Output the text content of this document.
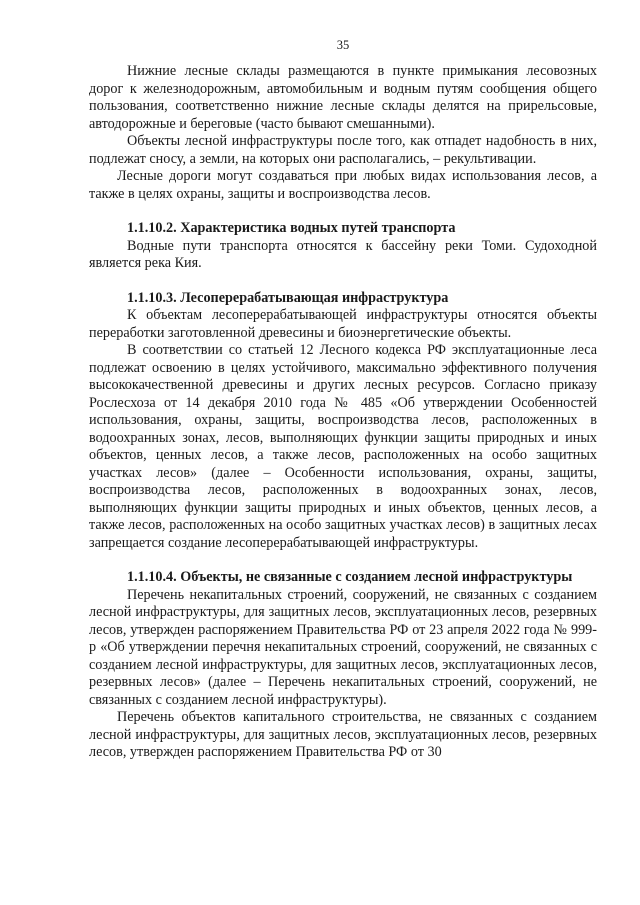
35

Нижние лесные склады размещаются в пункте примыкания лесовозных дорог к железнодорожным, автомобильным и водным путям сообщения общего пользования, соответственно нижние лесные склады делятся на прирельсовые, автодорожные и береговые (часто бывают смешанными).

Объекты лесной инфраструктуры после того, как отпадет надобность в них, подлежат сносу, а земли, на которых они располагались, – рекультивации.

Лесные дороги могут создаваться при любых видах использования лесов, а также в целях охраны, защиты и воспроизводства лесов.

1.1.10.2. Характеристика водных путей транспорта

Водные пути транспорта относятся к бассейну реки Томи. Судоходной является река Кия.

1.1.10.3. Лесоперерабатывающая инфраструктура

К объектам лесоперерабатывающей инфраструктуры относятся объекты переработки заготовленной древесины и биоэнергетические объекты.

В соответствии со статьей 12 Лесного кодекса РФ эксплуатационные леса подлежат освоению в целях устойчивого, максимально эффективного получения высококачественной древесины и других лесных ресурсов. Согласно приказу Рослесхоза от 14 декабря 2010 года № 485 «Об утверждении Особенностей использования, охраны, защиты, воспроизводства лесов, расположенных в водоохранных зонах, лесов, выполняющих функции защиты природных и иных объектов, ценных лесов, а также лесов, расположенных на особо защитных участках лесов» (далее – Особенности использования, охраны, защиты, воспроизводства лесов, расположенных в водоохранных зонах, лесов, выполняющих функции защиты природных и иных объектов, ценных лесов, а также лесов, расположенных на особо защитных участках лесов) в защитных лесах запрещается создание лесоперерабатывающей инфраструктуры.

1.1.10.4. Объекты, не связанные с созданием лесной инфраструктуры

Перечень некапитальных строений, сооружений, не связанных с созданием лесной инфраструктуры, для защитных лесов, эксплуатационных лесов, резервных лесов, утвержден распоряжением Правительства РФ от 23 апреля 2022 года № 999-р «Об утверждении перечня некапитальных строений, сооружений, не связанных с созданием лесной инфраструктуры, для защитных лесов, эксплуатационных лесов, резервных лесов» (далее – Перечень некапитальных строений, сооружений, не связанных с созданием лесной инфраструктуры).

Перечень объектов капитального строительства, не связанных с созданием лесной инфраструктуры, для защитных лесов, эксплуатационных лесов, резервных лесов, утвержден распоряжением Правительства РФ от 30
